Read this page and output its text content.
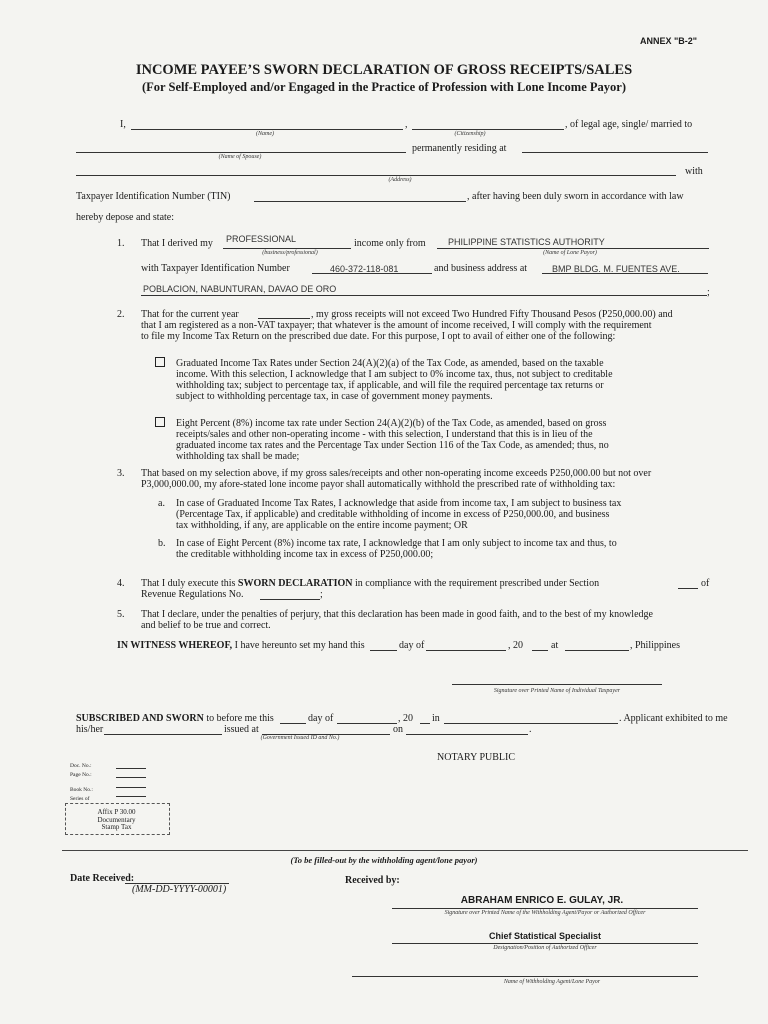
ANNEX "B-2"
INCOME PAYEE’S SWORN DECLARATION OF GROSS RECEIPTS/SALES
(For Self-Employed and/or Engaged in the Practice of Profession with Lone Income Payor)
I,	,	, of legal age, single/ married to
(Name)	(Citizenship)
permanently residing at
(Name of Spouse)
with
(Address)
Taxpayer Identification Number (TIN)	, after having been duly sworn in accordance with law
hereby depose and state:
1. That I derived my PROFESSIONAL	income only from PHILIPPINE STATISTICS AUTHORITY
(business/professional)	(Name of Lone Payor)
with Taxpayer Identification Number	460-372-118-081	and business address at	BMP BLDG. M. FUENTES AVE.
POBLACION, NABUNTURAN, DAVAO DE ORO	;
2. That for the current year	, my gross receipts will not exceed Two Hundred Fifty Thousand Pesos (P250,000.00) and
that I am registered as a non-VAT taxpayer; that whatever is the amount of income received, I will comply with the requirement
to file my Income Tax Return on the prescribed due date. For this purpose, I opt to avail of either one of the following:
Graduated Income Tax Rates under Section 24(A)(2)(a) of the Tax Code, as amended, based on the taxable
income. With this selection, I acknowledge that I am subject to 0% income tax, thus, not subject to creditable
withholding tax; subject to percentage tax, if applicable, and will file the required percentage tax returns or
subject to withholding percentage tax, in case of government money payments.
Eight Percent (8%) income tax rate under Section 24(A)(2)(b) of the Tax Code, as amended, based on gross
receipts/sales and other non-operating income - with this selection, I understand that this is in lieu of the
graduated income tax rates and the Percentage Tax under Section 116 of the Tax Code, as amended; thus, no
withholding tax shall be made;
3. That based on my selection above, if my gross sales/receipts and other non-operating income exceeds P250,000.00 but not over
P3,000,000.00, my afore-stated lone income payor shall automatically withhold the prescribed rate of withholding tax:
a. In case of Graduated Income Tax Rates, I acknowledge that aside from income tax, I am subject to business tax
(Percentage Tax, if applicable) and creditable withholding of income in excess of P250,000.00, and business
tax withholding, if any, are applicable on the entire income payment; OR
b. In case of Eight Percent (8%) income tax rate, I acknowledge that I am only subject to income tax and thus, to
the creditable withholding income tax in excess of P250,000.00;
4. That I duly execute this SWORN DECLARATION in compliance with the requirement prescribed under Section	of
Revenue Regulations No.	;
5. That I declare, under the penalties of perjury, that this declaration has been made in good faith, and to the best of my knowledge
and belief to be true and correct.
IN WITNESS WHEREOF, I have hereunto set my hand this	day of	, 20	at	, Philippines
Signature over Printed Name of Individual Taxpayer
SUBSCRIBED AND SWORN to before me this	day of	, 20 in	. Applicant exhibited to me
his/her	issued at	on	.
(Government Issued ID and No.)
NOTARY PUBLIC
Doc. No.:
Page No.:
Book No.:
Series of
Affix P 30.00
Documentary
Stamp Tax
(To be filled-out by the withholding agent/lone payor)
Date Received:
(MM-DD-YYYY-00001)
Received by:
ABRAHAM ENRICO E. GULAY, JR.
Signature over Printed Name of the Withholding Agent/Payor or Authorized Officer
Chief Statistical Specialist
Designation/Position of Authorized Officer
Name of Withholding Agent/Lone Payor
